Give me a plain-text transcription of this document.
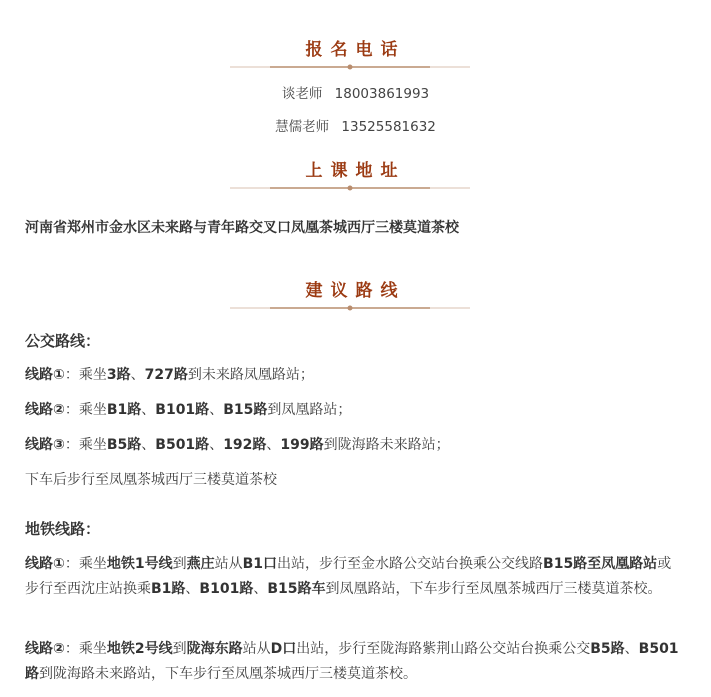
报名电话
谈老师 18003861993
慧儒老师 13525581632
上课地址
河南省郑州市金水区未来路与青年路交叉口凤凰茶城西厅三楼莫道茶校
建议路线
公交路线：
线路①：乘坐3路、727路到未来路凤凰路站；
线路②：乘坐B1路、B101路、B15路到凤凰路站；
线路③：乘坐B5路、B501路、192路、199路到陇海路未来路站；
下车后步行至凤凰茶城西厅三楼莫道茶校
地铁线路：
线路①：乘坐地铁1号线到燕庄站从B1口出站，步行至金水路公交站台换乘公交线路B15路至凤凰路站或步行至西沈庄站换乘B1路、B101路、B15路车到凤凰路站，下车步行至凤凰茶城西厅三楼莫道茶校。
线路②：乘坐地铁2号线到陇海东路站从D口出站，步行至陇海路紫荆山路公交站台换乘公交B5路、B501路到陇海路未来路站，下车步行至凤凰茶城西厅三楼莫道茶校。
